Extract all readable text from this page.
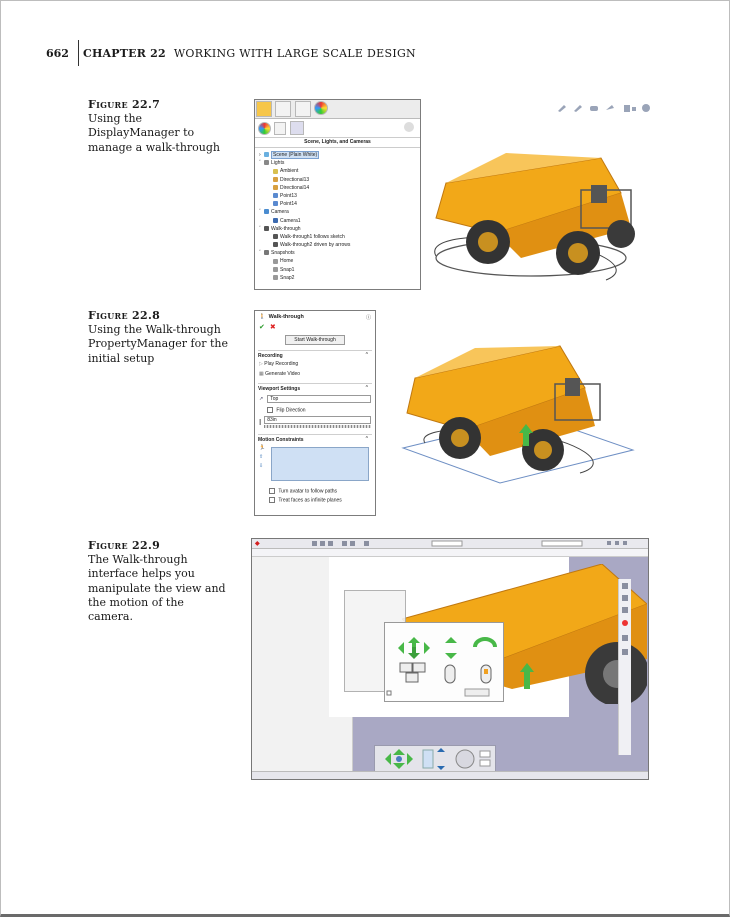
662	CHAPTER 22 WORKING WITH LARGE SCALE DESIGN
Figure 22.7
Using the DisplayManager to manage a walk-through
Figure 22.8
Using the Walk-through PropertyManager for the initial setup
Figure 22.9
The Walk-through interface helps you manipulate the view and the motion of the camera.

Scene, Lights, and Cameras
› Scene (Plain White)
ˇ Lights
Ambient
Directional13
Directional14
Point13
Point14
ˇ Camera
Camera1
ˇ Walk-through
Walk-through1 follows sketch
Walk-through2 driven by arrows
ˇ Snapshots
Home
Snap1
Snap2
🚶 Walk-through	ⓘ
✔ ✖
Start Walk-through
Recording ^
▷ Play Recording
▦ Generate Video
Viewport Settings ^
↗	Top
Flip Direction
I	83in
Motion Constraints ^
🏃
⇧
⇩
Turn avatar to follow paths
Treat faces as infinite planes
◆
